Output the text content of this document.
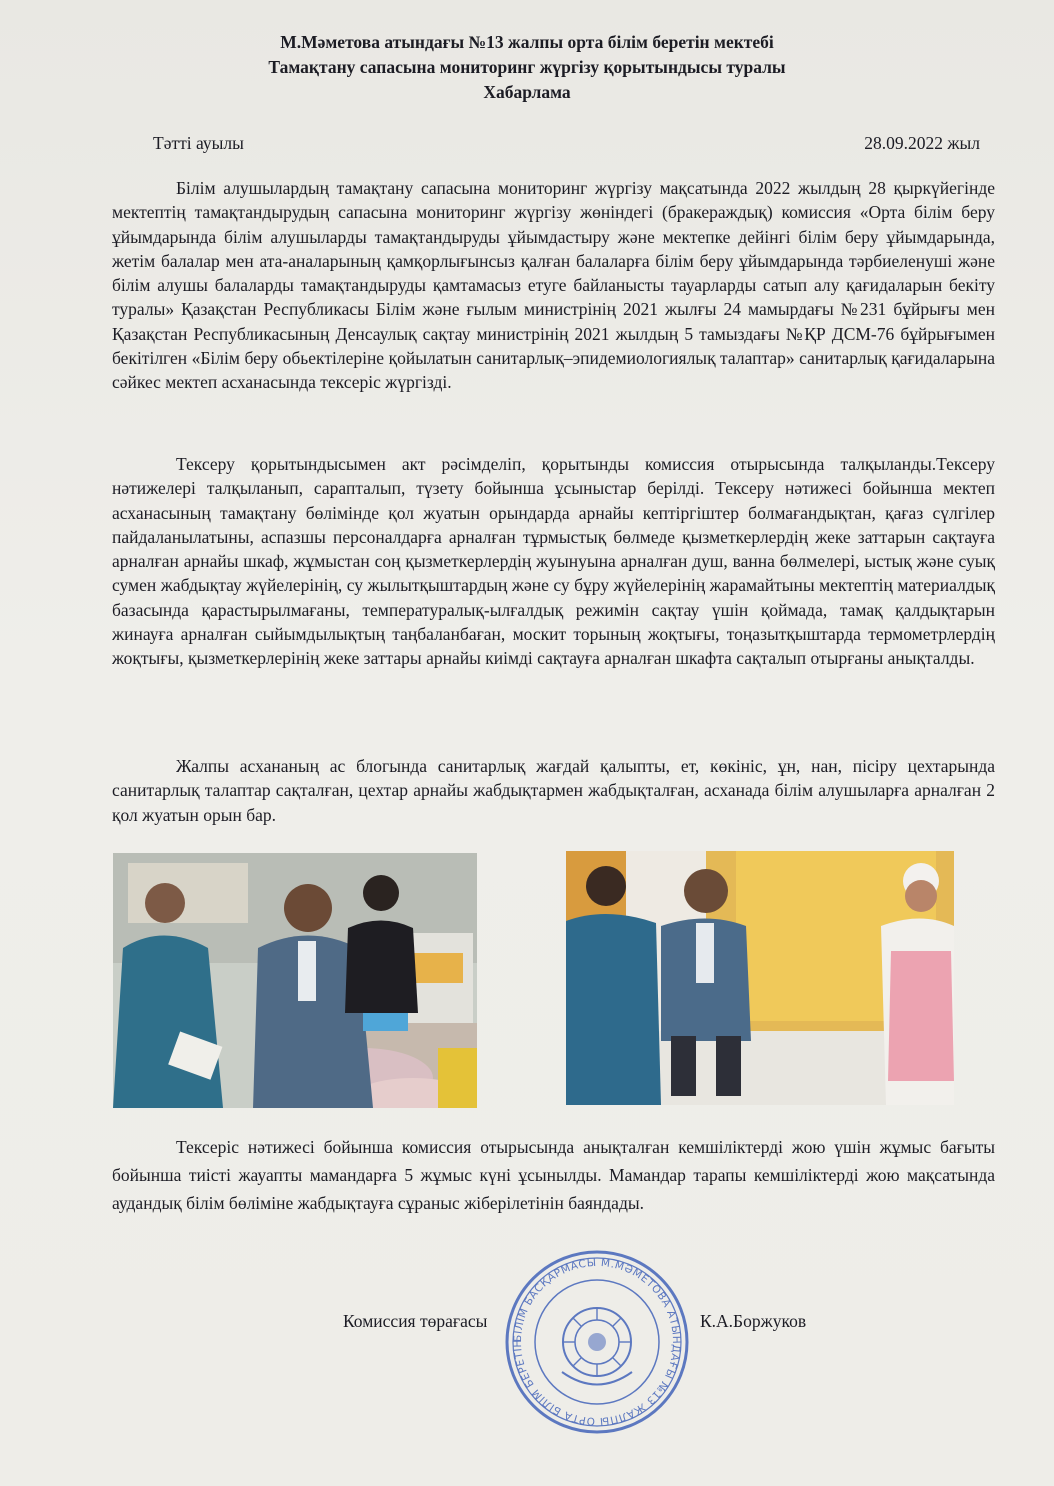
М.Мәметова атындағы №13 жалпы орта білім беретін мектебі
Тамақтану сапасына мониторинг жүргізу қорытындысы туралы
Хабарлама
Тәтті ауылы	28.09.2022 жыл

Білім алушылардың тамақтану сапасына мониторинг жүргізу мақсатында 2022 жылдың 28 қыркүйегінде мектептің тамақтандырудың сапасына мониторинг жүргізу жөніндегі (бракераждық) комиссия «Орта білім беру ұйымдарында білім алушыларды тамақтандыруды ұйымдастыру және мектепке дейінгі білім беру ұйымдарында, жетім балалар мен ата-аналарының қамқорлығынсыз қалған балаларға білім беру ұйымдарында тәрбиеленуші және білім алушы балаларды тамақтандыруды қамтамасыз етуге байланысты тауарларды сатып алу қағидаларын бекіту туралы» Қазақстан Республикасы Білім және ғылым министрінің 2021 жылғы 24 мамырдағы №231 бұйрығы мен Қазақстан Республикасының Денсаулық сақтау министрінің 2021 жылдың 5 тамыздағы №ҚР ДСМ-76 бұйрығымен бекітілген «Білім беру обьектілеріне қойылатын санитарлық–эпидемиологиялық талаптар» санитарлық қағидаларына сәйкес мектеп асханасында тексеріс жүргізді.

Тексеру қорытындысымен акт рәсімделіп, қорытынды комиссия отырысында талқыланды.Тексеру нәтижелері талқыланып, сарапталып, түзету бойынша ұсыныстар берілді. Тексеру нәтижесі бойынша мектеп асханасының тамақтану бөлімінде қол жуатын орындарда арнайы кептіргіштер болмағандықтан, қағаз сүлгілер пайдаланылатыны, аспазшы персоналдарға арналған тұрмыстық бөлмеде қызметкерлердің жеке заттарын сақтауға арналған арнайы шкаф, жұмыстан соң қызметкерлердің жуынуына арналған душ, ванна бөлмелері, ыстық және суық сумен жабдықтау жүйелерінің, су жылытқыштардың және су бұру жүйелерінің жарамайтыны мектептің материалдық базасында қарастырылмағаны, температуралық-ылғалдық режимін сақтау үшін қоймада, тамақ қалдықтарын жинауға арналған сыйымдылықтың таңбаланбаған, москит торының жоқтығы, тоңазытқыштарда термометрлердің жоқтығы, қызметкерлерінің жеке заттары арнайы киімді сақтауға арналған шкафта сақталып отырғаны анықталды.

Жалпы асхананың ас блогында санитарлық жағдай қалыпты, ет, көкініс, ұн, нан, пісіру цехтарында санитарлық талаптар сақталған, цехтар арнайы жабдықтармен жабдықталған, асханада білім алушыларға арналған 2 қол жуатын орын бар.

Тексеріс нәтижесі бойынша комиссия отырысында анықталған кемшіліктерді жою үшін жұмыс бағыты бойынша тиісті жауапты мамандарға 5 жұмыс күні ұсынылды. Мамандар тарапы кемшіліктерді жою мақсатында аудандық білім бөліміне жабдықтауға сұраныс жіберілетінін баяндады.

БІЛІМ БАСҚАРМАСЫ М.МӘМЕТОВА АТЫНДАҒЫ №13 ЖАЛПЫ ОРТА БІЛІМ БЕРЕТІН
Комиссия төрағасы	К.А.Боржуков
